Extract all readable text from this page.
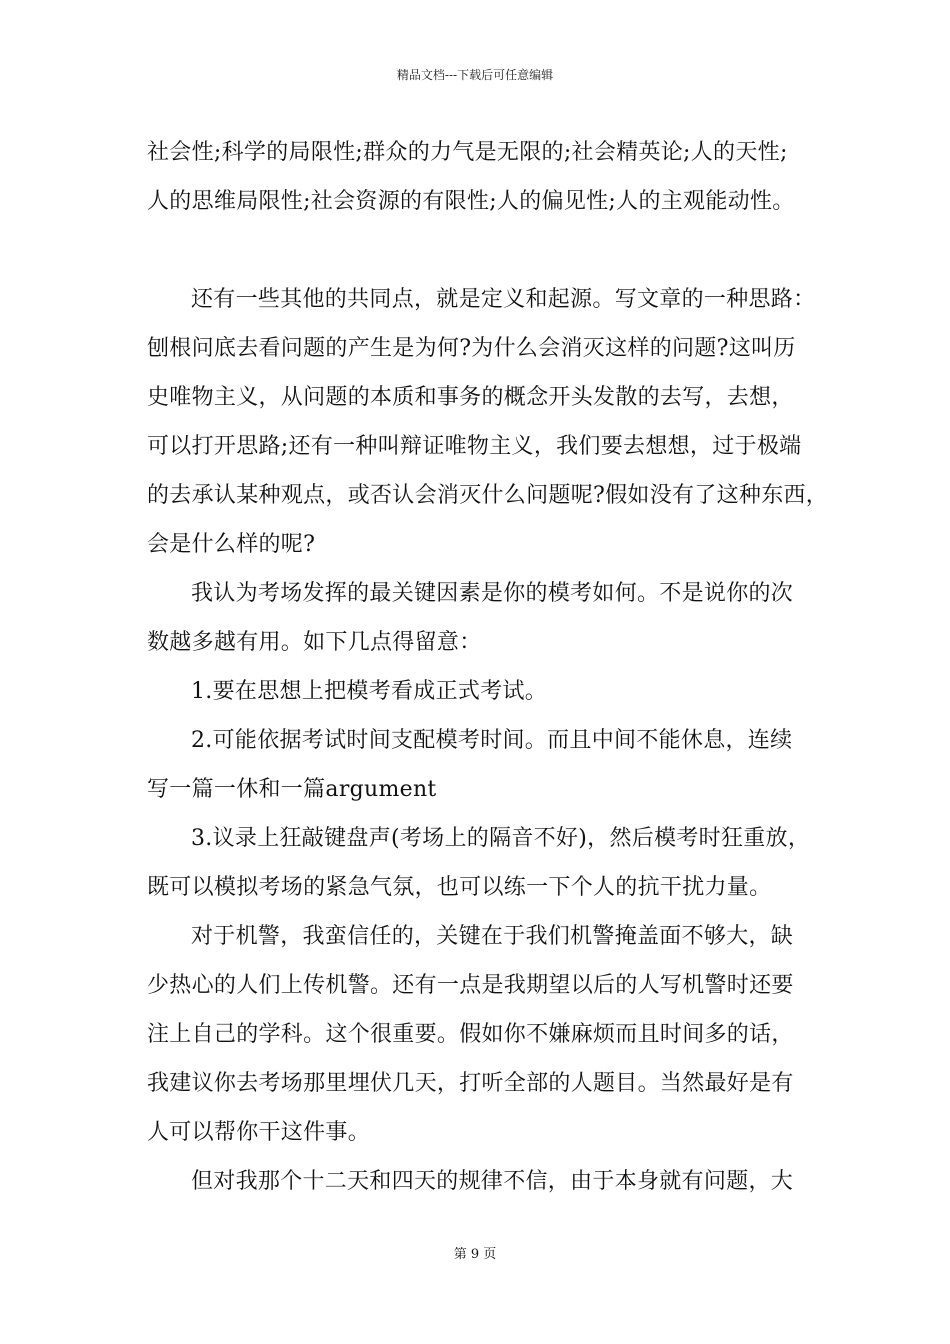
精品文档---下载后可任意编辑
社会性;科学的局限性;群众的力气是无限的;社会精英论;人的天性;
人的思维局限性;社会资源的有限性;人的偏见性;人的主观能动性。
还有一些其他的共同点，就是定义和起源。写文章的一种思路：
刨根问底去看问题的产生是为何?为什么会消灭这样的问题?这叫历
史唯物主义，从问题的本质和事务的概念开头发散的去写，去想，
可以打开思路;还有一种叫辩证唯物主义，我们要去想想，过于极端
的去承认某种观点，或否认会消灭什么问题呢?假如没有了这种东西，
会是什么样的呢?
我认为考场发挥的最关键因素是你的模考如何。不是说你的次
数越多越有用。如下几点得留意：
1.要在思想上把模考看成正式考试。
2.可能依据考试时间支配模考时间。而且中间不能休息，连续
写一篇一休和一篇argument
3.议录上狂敲键盘声(考场上的隔音不好)，然后模考时狂重放，
既可以模拟考场的紧急气氛，也可以练一下个人的抗干扰力量。
对于机警，我蛮信任的，关键在于我们机警掩盖面不够大，缺
少热心的人们上传机警。还有一点是我期望以后的人写机警时还要
注上自己的学科。这个很重要。假如你不嫌麻烦而且时间多的话，
我建议你去考场那里埋伏几天，打听全部的人题目。当然最好是有
人可以帮你干这件事。
但对我那个十二天和四天的规律不信，由于本身就有问题，大
第 9 页
